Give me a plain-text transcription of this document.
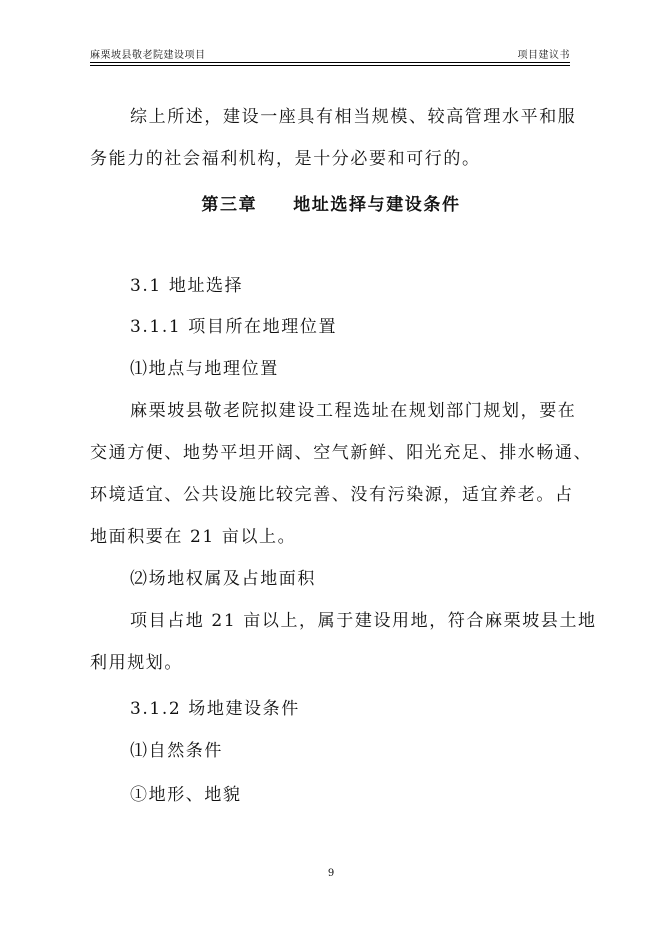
麻栗坡县敬老院建设项目	项目建议书
综上所述，建设一座具有相当规模、较高管理水平和服
务能力的社会福利机构，是十分必要和可行的。
第三章 地址选择与建设条件
3.1 地址选择
3.1.1 项目所在地理位置
⑴地点与地理位置
麻栗坡县敬老院拟建设工程选址在规划部门规划，要在
交通方便、地势平坦开阔、空气新鲜、阳光充足、排水畅通、
环境适宜、公共设施比较完善、没有污染源，适宜养老。占
地面积要在 21 亩以上。
⑵场地权属及占地面积
项目占地 21 亩以上，属于建设用地，符合麻栗坡县土地
利用规划。
3.1.2 场地建设条件
⑴自然条件
①地形、地貌
9
